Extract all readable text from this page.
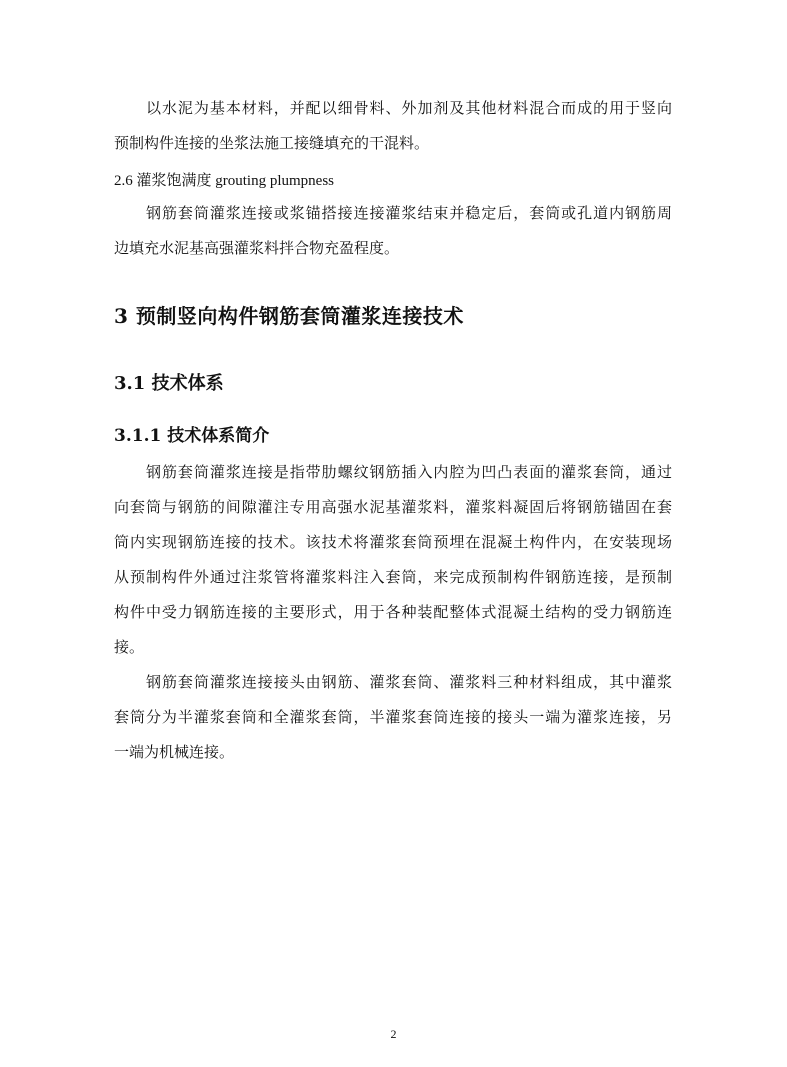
以水泥为基本材料，并配以细骨料、外加剂及其他材料混合而成的用于竖向
预制构件连接的坐浆法施工接缝填充的干混料。
2.6 灌浆饱满度 grouting plumpness
钢筋套筒灌浆连接或浆锚搭接连接灌浆结束并稳定后，套筒或孔道内钢筋周
边填充水泥基高强灌浆料拌合物充盈程度。
3 预制竖向构件钢筋套筒灌浆连接技术
3.1 技术体系
3.1.1 技术体系简介
钢筋套筒灌浆连接是指带肋螺纹钢筋插入内腔为凹凸表面的灌浆套筒，通过
向套筒与钢筋的间隙灌注专用高强水泥基灌浆料，灌浆料凝固后将钢筋锚固在套
筒内实现钢筋连接的技术。该技术将灌浆套筒预埋在混凝土构件内，在安装现场
从预制构件外通过注浆管将灌浆料注入套筒，来完成预制构件钢筋连接，是预制
构件中受力钢筋连接的主要形式，用于各种装配整体式混凝土结构的受力钢筋连
接。
钢筋套筒灌浆连接接头由钢筋、灌浆套筒、灌浆料三种材料组成，其中灌浆
套筒分为半灌浆套筒和全灌浆套筒，半灌浆套筒连接的接头一端为灌浆连接，另
一端为机械连接。
2
